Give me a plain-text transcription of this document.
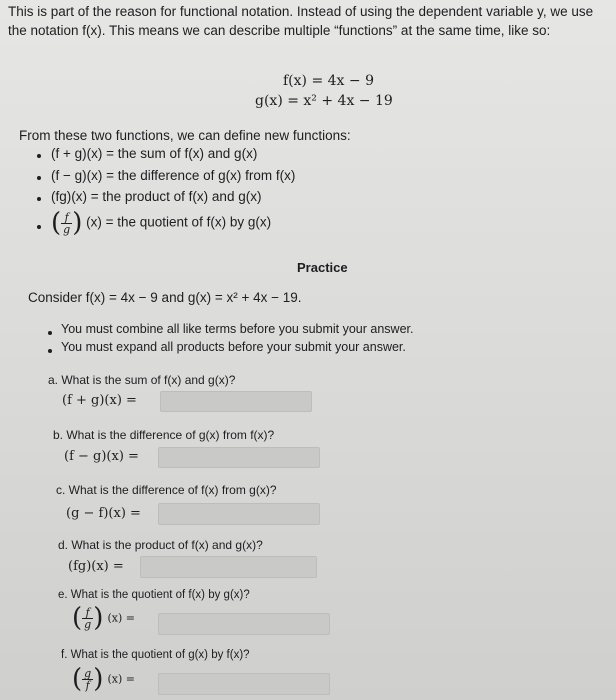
This is part of the reason for functional notation. Instead of using the dependent variable y, we use the notation f(x). This means we can describe multiple “functions” at the same time, like so:
f(x) = 4x − 9
g(x) = x² + 4x − 19
From these two functions, we can define new functions:
(f + g)(x) = the sum of f(x) and g(x)
(f − g)(x) = the difference of g(x) from f(x)
(fg)(x) = the product of f(x) and g(x)
( $\frac{f}{g}$ ) (x) = the quotient of f(x) by g(x)
Practice
Consider f(x) = 4x − 9 and g(x) = x² + 4x − 19.
You must combine all like terms before you submit your answer.
You must expand all products before your submit your answer.
a. What is the sum of f(x) and g(x)?
(f + g)(x) =
b. What is the difference of g(x) from f(x)?
(f − g)(x) =
c. What is the difference of f(x) from g(x)?
(g − f)(x) =
d. What is the product of f(x) and g(x)?
(fg)(x) =
e. What is the quotient of f(x) by g(x)?
( $\frac{f}{g}$ ) (x) =
f. What is the quotient of g(x) by f(x)?
( $\frac{g}{f}$ ) (x) =
